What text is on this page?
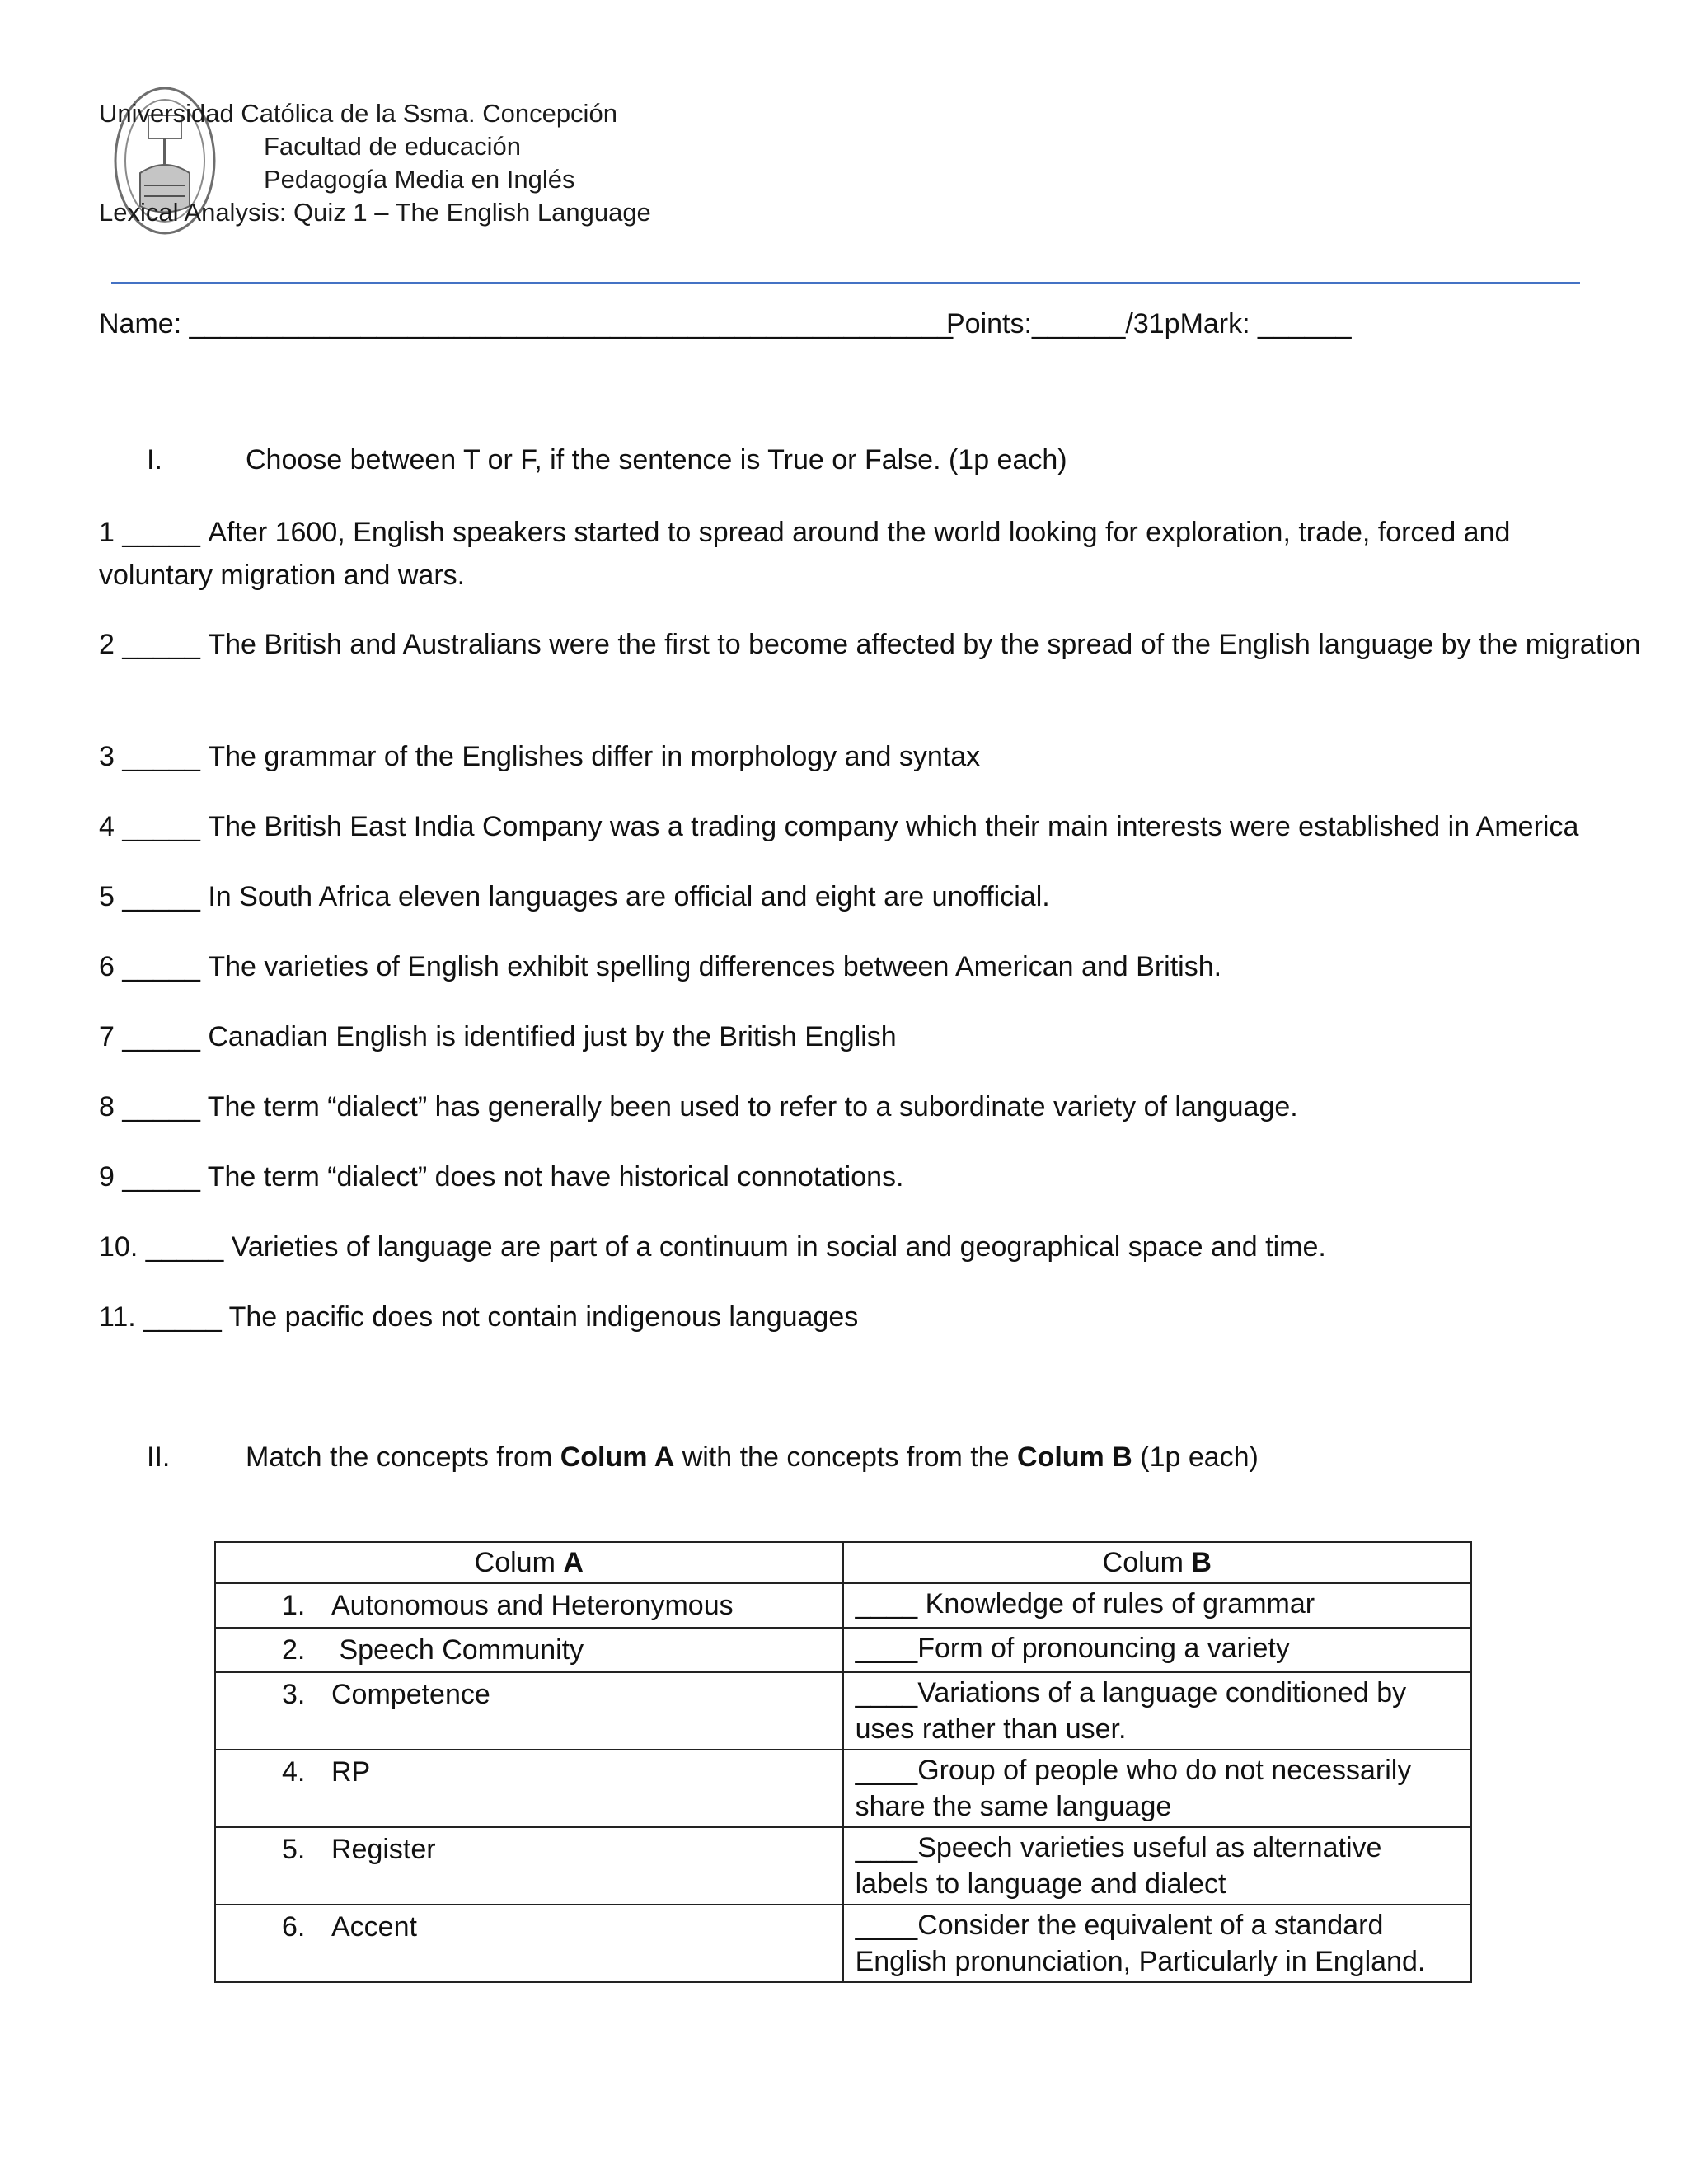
Universidad Católica de la Ssma. Concepción
Facultad de educación
Pedagogía Media en Inglés
Lexical Analysis: Quiz 1 – The English Language
Name: _________________________________________________
Points:______/31pMark: ______
I.	Choose between T or F, if the sentence is True or False. (1p each)
1 _____ After 1600, English speakers started to spread around the world looking for exploration, trade, forced and voluntary migration and wars.
2 _____ The British and Australians were the first to become affected by the spread of the English language by the migration
3 _____ The grammar of the Englishes differ in morphology and syntax
4 _____ The British East India Company was a trading company which their main interests were established in America
5 _____ In South Africa eleven languages are official and eight are unofficial.
6 _____ The varieties of English exhibit spelling differences between American and British.
7 _____ Canadian English is identified just by the British English
8 _____ The term “dialect” has generally been used to refer to a subordinate variety of language.
9 _____ The term “dialect” does not have historical connotations.
10. _____ Varieties of language are part of a continuum in social and geographical space and time.
11. _____ The pacific does not contain indigenous languages
II.	Match the concepts from Colum A with the concepts from the Colum B (1p each)
Colum A	Colum B
1. Autonomous and Heteronymous	____ Knowledge of rules of grammar
2. Speech Community	____Form of pronouncing a variety
3. Competence	____Variations of a language conditioned by uses rather than user.
4. RP	____Group of people who do not necessarily share the same language
5. Register	____Speech varieties useful as alternative labels to language and dialect
6. Accent	____Consider the equivalent of a standard English pronunciation, Particularly in England.
